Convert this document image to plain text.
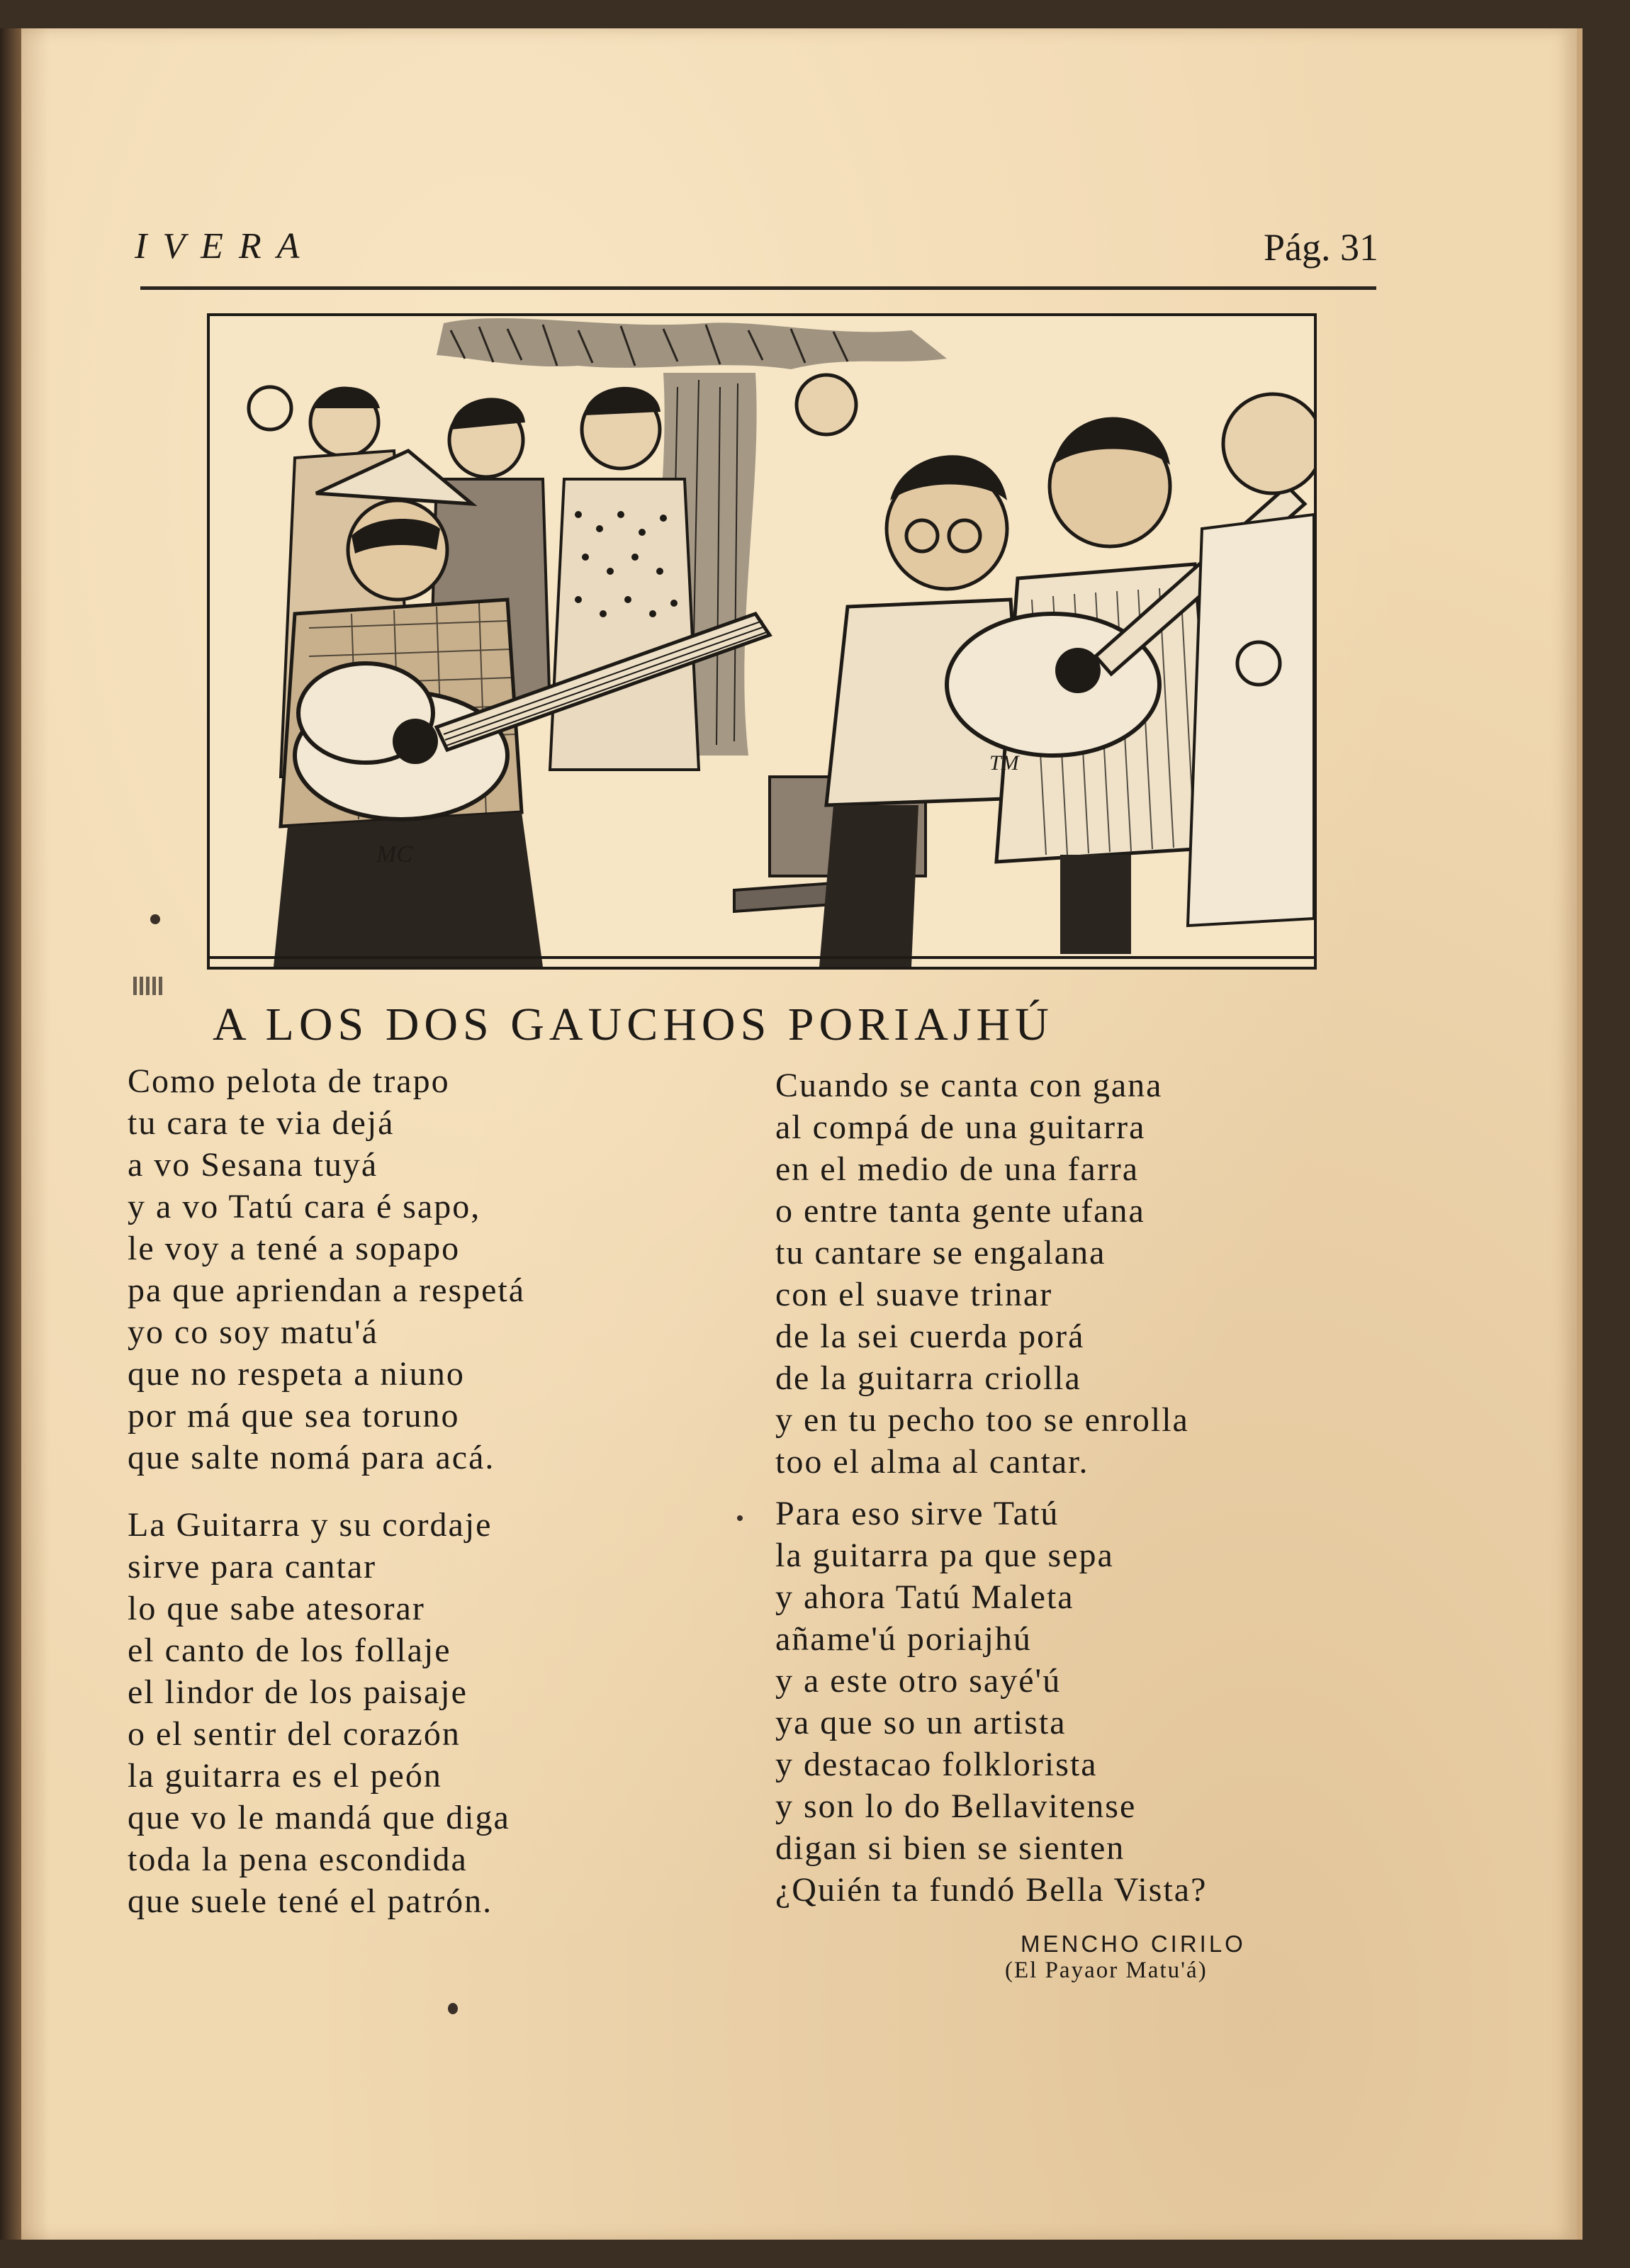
IVERA	Pág. 31
MC
TM
A LOS DOS GAUCHOS PORIAJHÚ
Como pelota de trapo
tu cara te via dejá
a vo Sesana tuyá
y a vo Tatú cara é sapo,
le voy a tené a sopapo
pa que apriendan a respetá
yo co soy matu'á
que no respeta a niuno
por má que sea toruno
que salte nomá para acá.
La Guitarra y su cordaje
sirve para cantar
lo que sabe atesorar
el canto de los follaje
el lindor de los paisaje
o el sentir del corazón
la guitarra es el peón
que vo le mandá que diga
toda la pena escondida
que suele tené el patrón.
Cuando se canta con gana
al compá de una guitarra
en el medio de una farra
o entre tanta gente ufana
tu cantare se engalana
con el suave trinar
de la sei cuerda porá
de la guitarra criolla
y en tu pecho too se enrolla
too el alma al cantar.
Para eso sirve Tatú
la guitarra pa que sepa
y ahora Tatú Maleta
añame'ú poriajhú
y a este otro sayé'ú
ya que so un artista
y destacao folklorista
y son lo do Bellavitense
digan si bien se sienten
¿Quién ta fundó Bella Vista?
MENCHO CIRILO
(El Payaor Matu'á)
